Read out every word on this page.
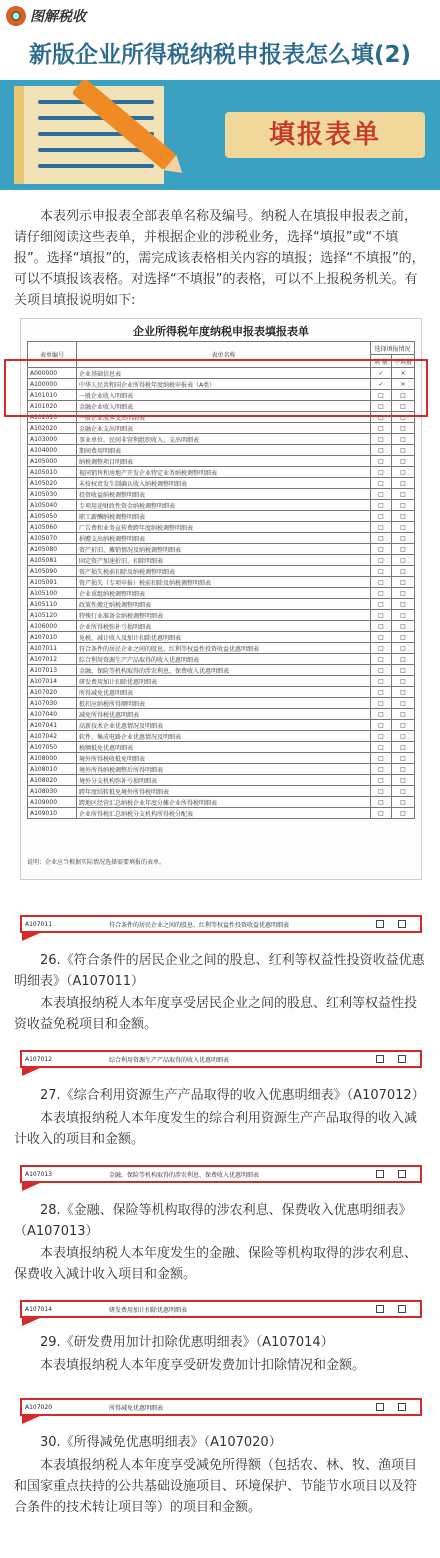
图解税收
新版企业所得税纳税申报表怎么填(2)
填报表单
本表列示申报表全部表单名称及编号。纳税人在填报申报表之前，请仔细阅读这些表单，并根据企业的涉税业务，选择“填报”或“不填报”。选择“填报”的，需完成该表格相关内容的填报；选择“不填报”的，可以不填报该表格。对选择“不填报”的表格，可以不上报税务机关。有关项目填报说明如下:
企业所得税年度纳税申报表填报表单
表单编号	表单名称	选择填报情况	
		填 报	不填报
A000000	企业基础信息表	✓	×
A100000	中华人民共和国企业所得税年度纳税申报表（A类）	✓	×
A101010	一般企业收入明细表	□	□
A101020	金融企业收入明细表	□	□
A102010	一般企业成本支出明细表	□	□
A102020	金融企业支出明细表	□	□
A103000	事业单位、民间非营利组织收入、支出明细表	□	□
A104000	期间费用明细表	□	□
A105000	纳税调整项目明细表	□	□
A105010	视同销售和房地产开发企业特定业务纳税调整明细表	□	□
A105020	未按权责发生制确认收入纳税调整明细表	□	□
A105030	投资收益纳税调整明细表	□	□
A105040	专项用途财政性资金纳税调整明细表	□	□
A105050	职工薪酬纳税调整明细表	□	□
A105060	广告费和业务宣传费跨年度纳税调整明细表	□	□
A105070	捐赠支出纳税调整明细表	□	□
A105080	资产折旧、摊销情况及纳税调整明细表	□	□
A105081	固定资产加速折旧、扣除明细表	□	□
A105090	资产损失税前扣除及纳税调整明细表	□	□
A105091	资产损失（专项申报）税前扣除及纳税调整明细表	□	□
A105100	企业重组纳税调整明细表	□	□
A105110	政策性搬迁纳税调整明细表	□	□
A105120	特殊行业准备金纳税调整明细表	□	□
A106000	企业所得税弥补亏损明细表	□	□
A107010	免税、减计收入及加计扣除优惠明细表	□	□
A107011	符合条件的居民企业之间的股息、红利等权益性投资收益优惠明细表	□	□
A107012	综合利用资源生产产品取得的收入优惠明细表	□	□
A107013	金融、保险等机构取得的涉农利息、保费收入优惠明细表	□	□
A107014	研发费用加计扣除优惠明细表	□	□
A107020	所得减免优惠明细表	□	□
A107030	抵扣应纳税所得额明细表	□	□
A107040	减免所得税优惠明细表	□	□
A107041	高新技术企业优惠情况及明细表	□	□
A107042	软件、集成电路企业优惠情况及明细表	□	□
A107050	税额抵免优惠明细表	□	□
A108000	境外所得税收抵免明细表	□	□
A108010	境外所得纳税调整后所得明细表	□	□
A108020	境外分支机构弥补亏损明细表	□	□
A108030	跨年度结转抵免境外所得税明细表	□	□
A109000	跨地区经营汇总纳税企业年度分摊企业所得税明细表	□	□
A109010	企业所得税汇总纳税分支机构所得税分配表	□	□
说明：企业应当根据实际情况选择需要填报的表单。
A107011	符合条件的居民企业之间的股息、红利等权益性投资收益优惠明细表
26.《符合条件的居民企业之间的股息、红利等权益性投资收益优惠明细表》（A107011）
本表填报纳税人本年度享受居民企业之间的股息、红利等权益性投资收益免税项目和金额。
A107012	综合利用资源生产产品取得的收入优惠明细表
27.《综合利用资源生产产品取得的收入优惠明细表》（A107012）
本表填报纳税人本年度发生的综合利用资源生产产品取得的收入减计收入的项目和金额。
A107013	金融、保险等机构取得的涉农利息、保费收入优惠明细表
28.《金融、保险等机构取得的涉农利息、保费收入优惠明细表》（A107013）
本表填报纳税人本年度发生的金融、保险等机构取得的涉农利息、保费收入减计收入项目和金额。
A107014	研发费用加计扣除优惠明细表
29.《研发费用加计扣除优惠明细表》（A107014）
本表填报纳税人本年度享受研发费加计扣除情况和金额。
A107020	所得减免优惠明细表
30.《所得减免优惠明细表》（A107020）
本表填报纳税人本年度享受减免所得额（包括农、林、牧、渔项目和国家重点扶持的公共基础设施项目、环境保护、节能节水项目以及符合条件的技术转让项目等）的项目和金额。
